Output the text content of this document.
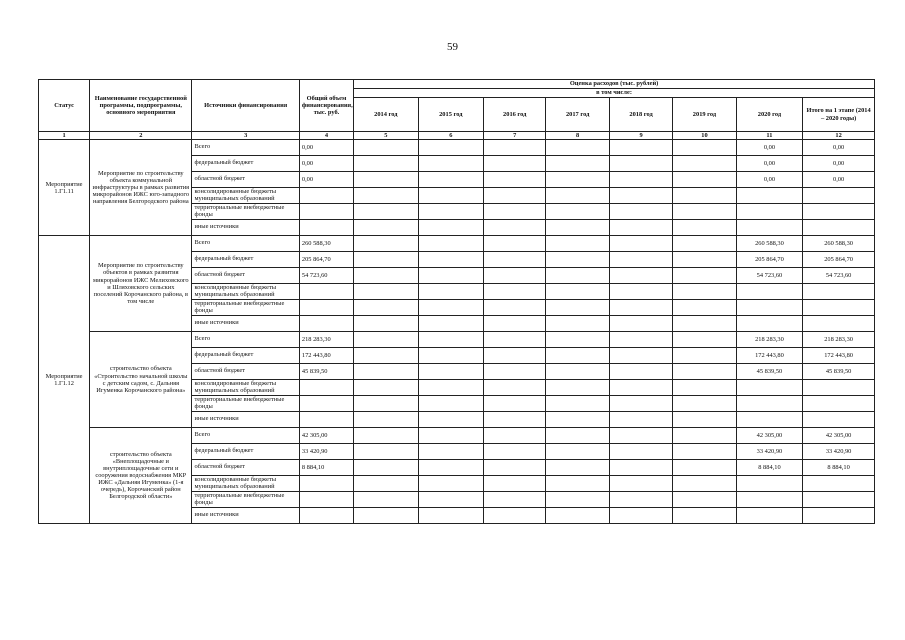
59
Статус	Наименование государственной программы, подпрограммы, основного мероприятия	Источники финансирования	Общий объем финансирования, тыс. руб.	Оценка расходов (тыс. рублей)							
				в том числе:							
				2014 год	2015 год	2016 год	2017 год	2018 год	2019 год	2020 год	Итого на 1 этапе (2014 – 2020 годы)
1	2	3	4	5	6	7	8	9	10	11	12
Мероприятие 1.Г1.11	Мероприятие по строительству объекта коммунальной инфраструктуры в рамках развития микрорайонов ИЖС юго-западного направления Белгородского района	Всего	0,00							0,00	0,00
		федеральный бюджет	0,00							0,00	0,00
		областной бюджет	0,00							0,00	0,00
		консолидированные бюджеты муниципальных образований									
		территориальные внебюджетные фонды									
		иные источники									
Мероприятие 1.Г1.12	Мероприятие по строительству объектов в рамках развития микрорайонов ИЖС Мелиховского и Шляховского сельских поселений Корочанского района, в том числе	Всего	260 588,30							260 588,30	260 588,30
		федеральный бюджет	205 864,70							205 864,70	205 864,70
		областной бюджет	54 723,60							54 723,60	54 723,60
		консолидированные бюджеты муниципальных образований									
		территориальные внебюджетные фонды									
		иные источники									
	строительство объекта «Строительство начальной школы с детским садом, с. Дальняя Игуменка Корочанского района»	Всего	218 283,30							218 283,30	218 283,30
		федеральный бюджет	172 443,80							172 443,80	172 443,80
		областной бюджет	45 839,50							45 839,50	45 839,50
		консолидированные бюджеты муниципальных образований									
		территориальные внебюджетные фонды									
		иные источники									
	строительство объекта «Внеплощадочные и внутриплощадочные сети и сооружения водоснабжения МКР ИЖС «Дальняя Игуменка» (1-я очередь), Корочанский район Белгородской области»	Всего	42 305,00							42 305,00	42 305,00
		федеральный бюджет	33 420,90							33 420,90	33 420,90
		областной бюджет	8 884,10							8 884,10	8 884,10
		консолидированные бюджеты муниципальных образований									
		территориальные внебюджетные фонды									
		иные источники									
